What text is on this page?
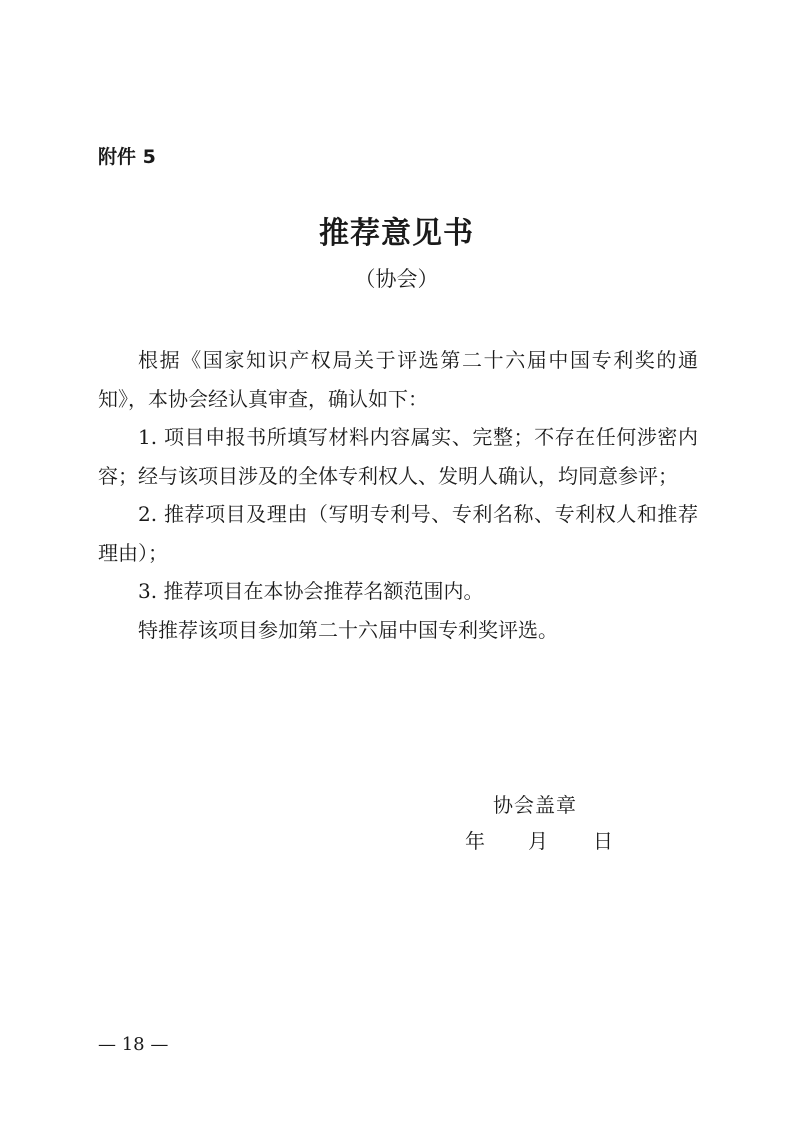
附件 5
推荐意见书
（协会）

根据《国家知识产权局关于评选第二十六届中国专利奖的通知》，本协会经认真审查，确认如下：

1. 项目申报书所填写材料内容属实、完整；不存在任何涉密内容；经与该项目涉及的全体专利权人、发明人确认，均同意参评；

2. 推荐项目及理由（写明专利号、专利名称、专利权人和推荐理由）；

3. 推荐项目在本协会推荐名额范围内。

特推荐该项目参加第二十六届中国专利奖评选。

协会盖章
年 月 日
— 18 —
